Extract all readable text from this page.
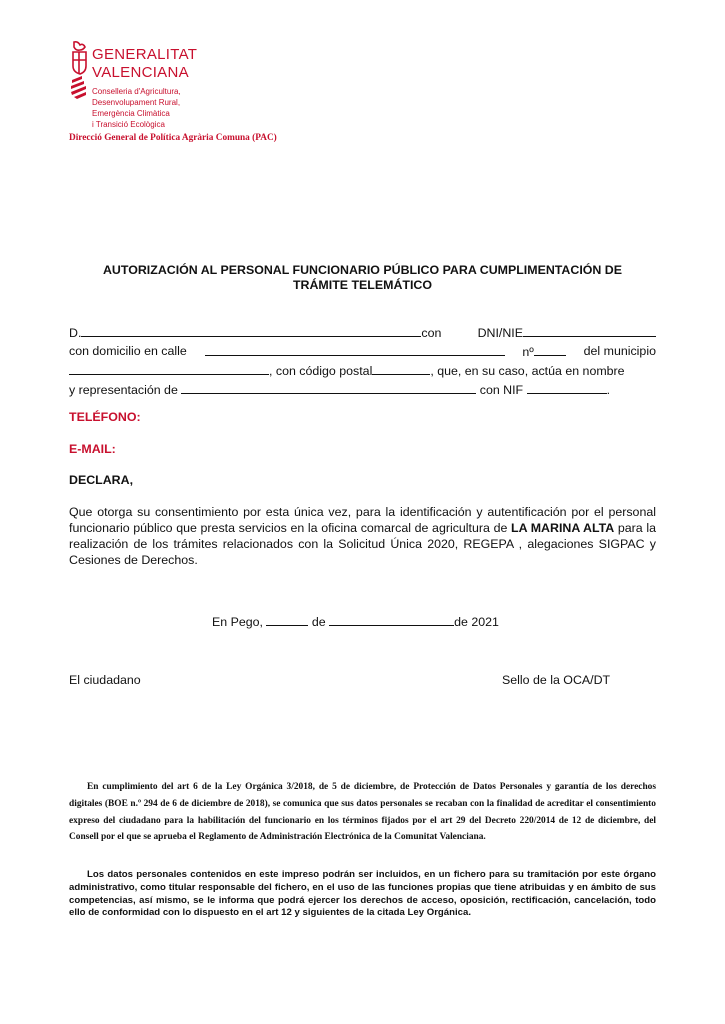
GENERALITAT
VALENCIANA
Conselleria d'Agricultura,
Desenvolupament Rural,
Emergència Climàtica
i Transició Ecològica
Direcció General de Política Agrària Comuna (PAC)
AUTORIZACIÓN AL PERSONAL FUNCIONARIO PÚBLICO PARA CUMPLIMENTACIÓN DE
TRÁMITE TELEMÁTICO
D.	con	DNI/NIE
con domicilio en calle	nº	del municipio
, con código postal	, que, en su caso, actúa en nombre
y representación de	con NIF	.
TELÉFONO:
E-MAIL:
DECLARA,
Que otorga su consentimiento por esta única vez, para la identificación y autentificación por el personal funcionario público que presta servicios en la oficina comarcal de agricultura de LA MARINA ALTA para la realización de los trámites relacionados con la Solicitud Única 2020, REGEPA , alegaciones SIGPAC y Cesiones de Derechos.
En Pego,	de	de 2021
El ciudadano	Sello de la OCA/DT
En cumplimiento del art 6 de la Ley Orgánica 3/2018, de 5 de diciembre, de Protección de Datos Personales y garantía de los derechos digitales (BOE n.º 294 de 6 de diciembre de 2018), se comunica que sus datos personales se recaban con la finalidad de acreditar el consentimiento expreso del ciudadano para la habilitación del funcionario en los términos fijados por el art 29 del Decreto 220/2014 de 12 de diciembre, del Consell por el que se aprueba el Reglamento de Administración Electrónica de la Comunitat Valenciana.
Los datos personales contenidos en este impreso podrán ser incluidos, en un fichero para su tramitación por este órgano administrativo, como titular responsable del fichero, en el uso de las funciones propias que tiene atribuidas y en ámbito de sus competencias, así mismo, se le informa que podrá ejercer los derechos de acceso, oposición, rectificación, cancelación, todo ello de conformidad con lo dispuesto en el art 12 y siguientes de la citada Ley Orgánica.
